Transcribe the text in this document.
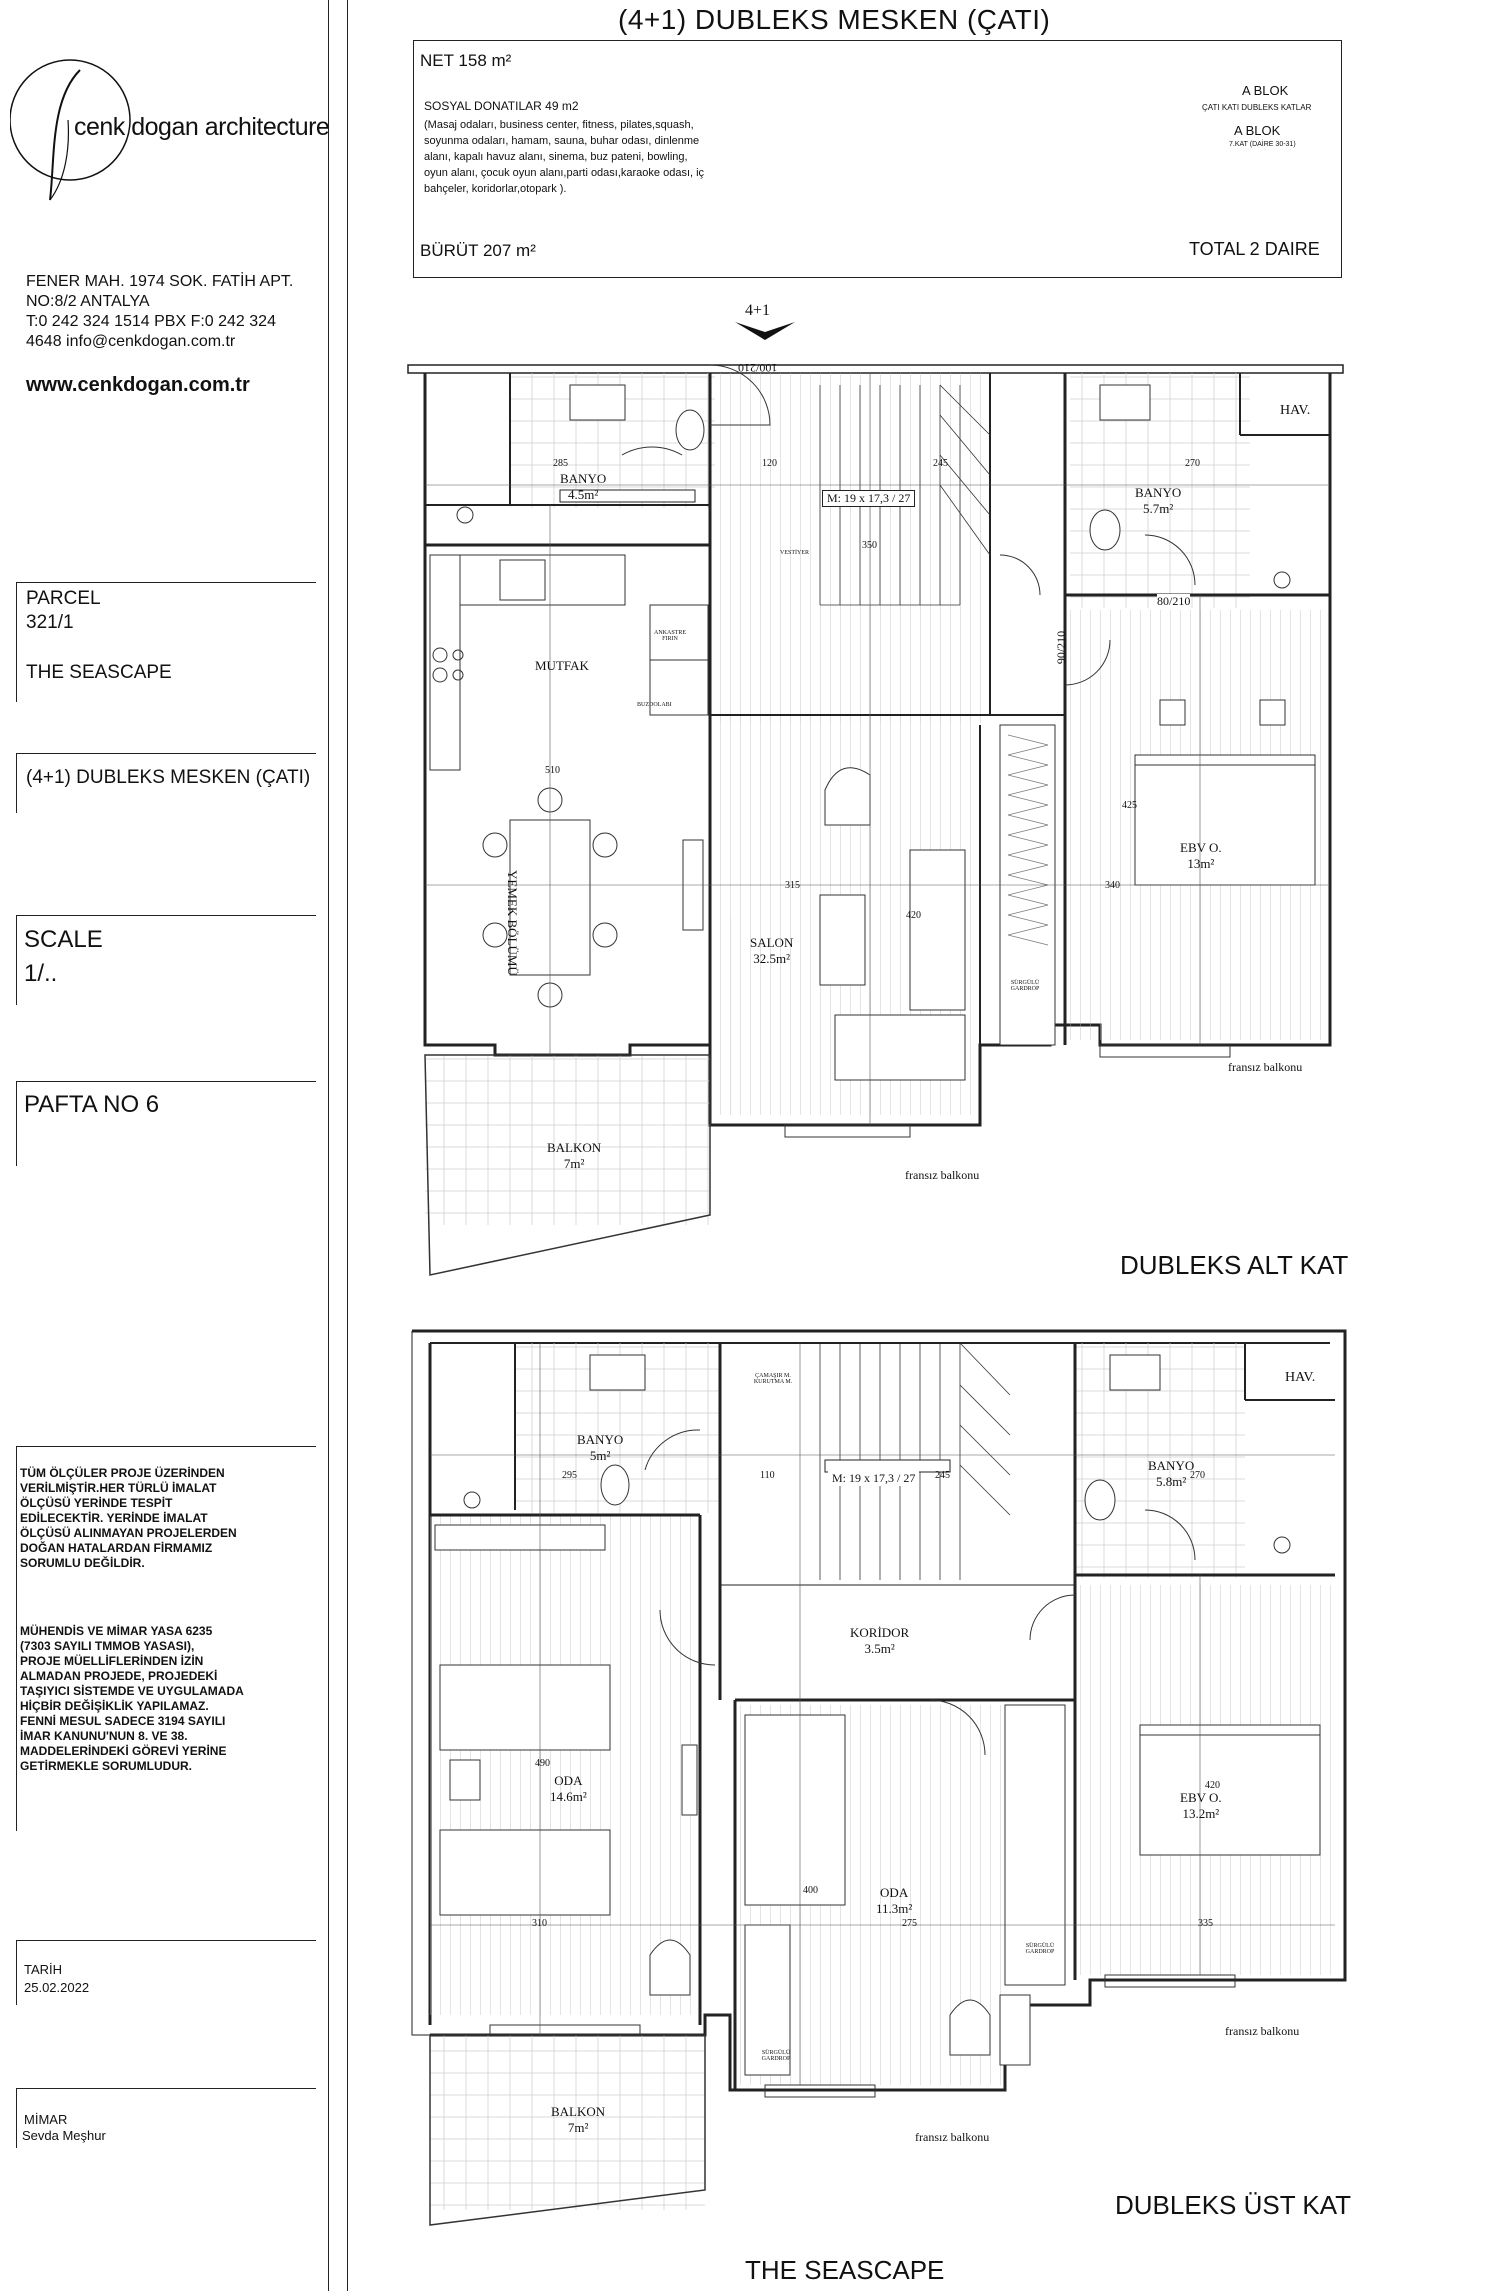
cenk dogan architecture
FENER MAH. 1974 SOK. FATİH APT.
NO:8/2 ANTALYA
T:0 242 324 1514 PBX F:0 242 324
4648 info@cenkdogan.com.tr
www.cenkdogan.com.tr
PARCEL
321/1
THE SEASCAPE
(4+1) DUBLEKS MESKEN (ÇATI)
SCALE
1/..
PAFTA NO 6
TÜM ÖLÇÜLER PROJE ÜZERİNDEN
VERİLMİŞTİR.HER TÜRLÜ İMALAT
ÖLÇÜSÜ YERİNDE TESPİT
EDİLECEKTİR. YERİNDE İMALAT
ÖLÇÜSÜ ALINMAYAN PROJELERDEN
DOĞAN HATALARDAN FİRMAMIZ
SORUMLU DEĞİLDİR.
MÜHENDİS VE MİMAR YASA 6235
(7303 SAYILI TMMOB YASASI),
PROJE MÜELLİFLERİNDEN İZİN
ALMADAN PROJEDE, PROJEDEKİ
TAŞIYICI SİSTEMDE VE UYGULAMADA
HİÇBİR DEĞİŞİKLİK YAPILAMAZ.
FENNİ MESUL SADECE 3194 SAYILI
İMAR KANUNU'NUN 8. VE 38.
MADDELERİNDEKİ GÖREVİ YERİNE
GETİRMEKLE SORUMLUDUR.
TARİH
25.02.2022
MİMAR
Sevda Meşhur
(4+1) DUBLEKS MESKEN (ÇATI)
NET 158 m²
SOSYAL DONATILAR 49 m2
(Masaj odaları, business center, fitness, pilates,squash,
soyunma odaları, hamam, sauna, buhar odası, dinlenme
alanı, kapalı havuz alanı, sinema, buz pateni, bowling,
oyun alanı, çocuk oyun alanı,parti odası,karaoke odası, iç
bahçeler, koridorlar,otopark ).
BÜRÜT 207 m²
A BLOK
ÇATI KATI DUBLEKS KATLAR
A BLOK
7.KAT (DAİRE 30-31)
TOTAL 2 DAIRE
4+1
BANYO
4.5m²	BANYO
5.7m²
MUTFAK
YEMEK BÖLÜMÜ	SALON
32.5m²
EBV O.
13m²
BALKON
7m²
HAV.
M: 19 x 17,3 / 27
80/210
90/210
100/210
fransız balkonu
fransız balkonu
SÜRGÜLÜ GARDROP
VESTİYER
ANKASTRE FIRIN
BUZDOLABI
285	120	245	270
350
510
315	340
425
420
DUBLEKS ALT KAT
BANYO
5m²
BANYO
5.8m²
KORİDOR
3.5m²
ODA
14.6m²
ODA
11.3m²
EBV O.
13.2m²
BALKON
7m²
HAV.
M: 19 x 17,3 / 27
ÇAMAŞIR M. KURUTMA M.
fransız balkonu
fransız balkonu
SÜRGÜLÜ GARDROP
SÜRGÜLÜ GARDROP
295	110	245	270
310	275	335
490
400
420
DUBLEKS ÜST KAT
THE SEASCAPE
